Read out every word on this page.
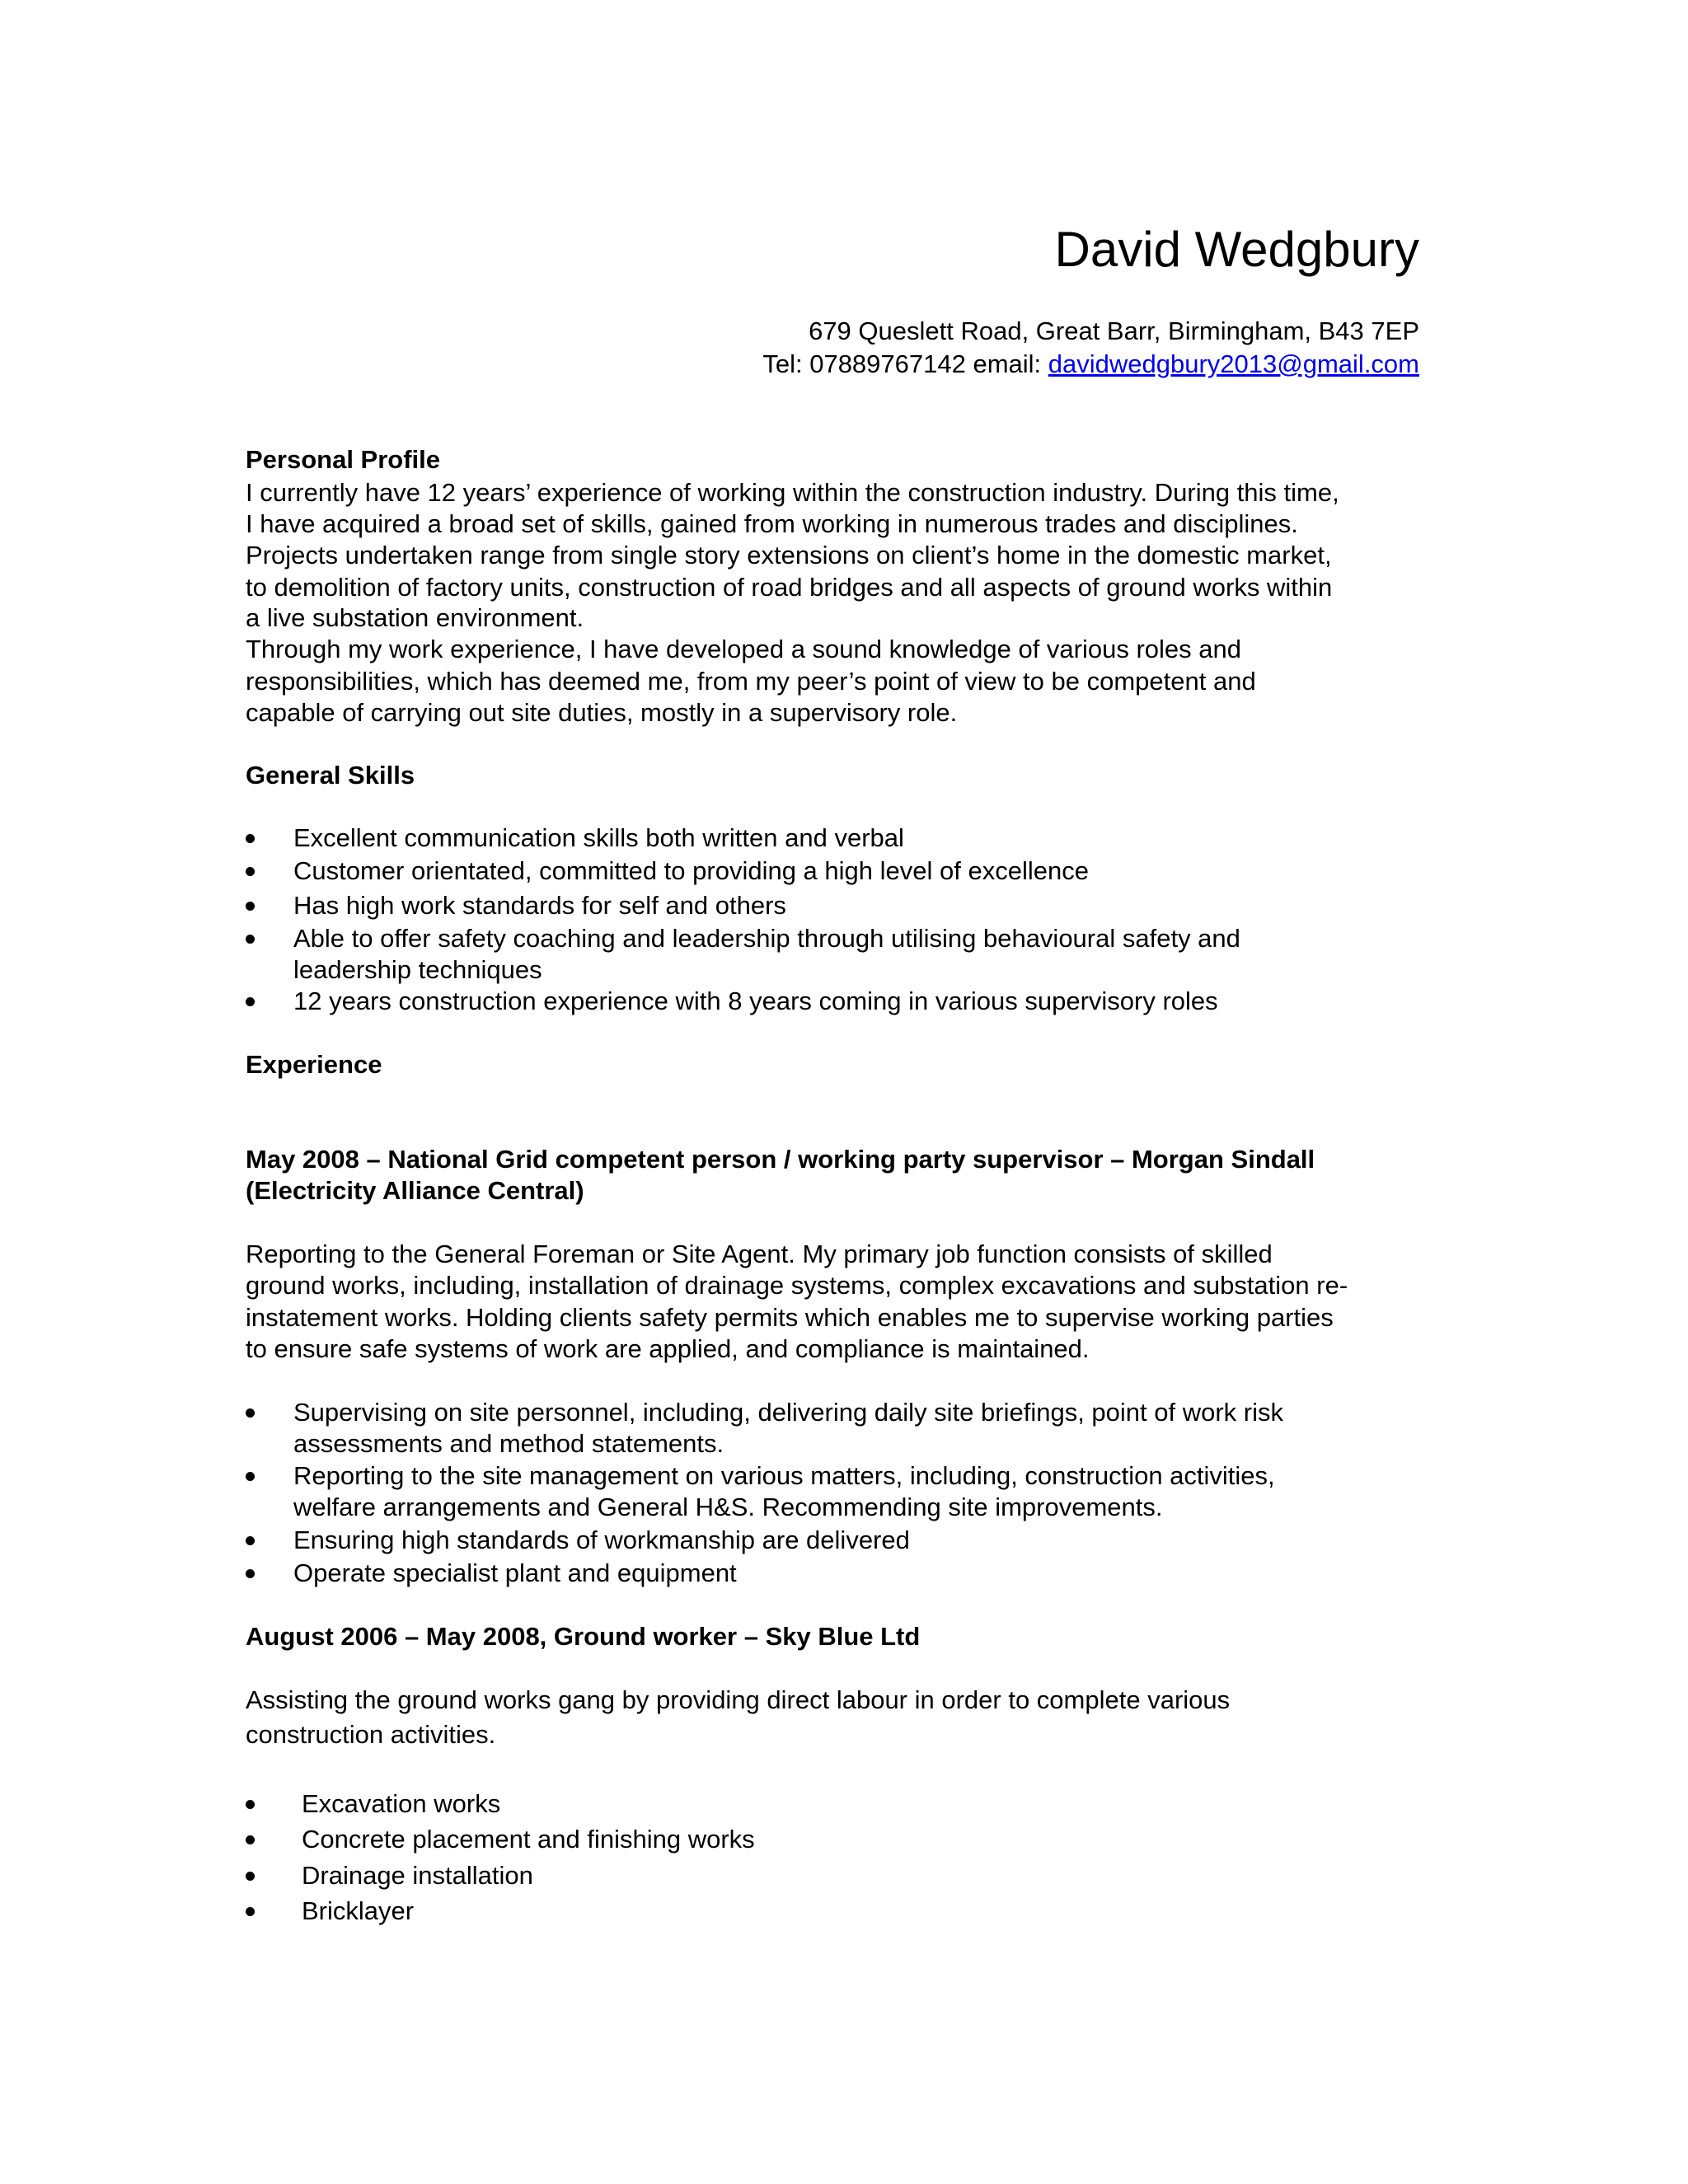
David Wedgbury
679 Queslett Road, Great Barr, Birmingham, B43 7EP
Tel: 07889767142 email: davidwedgbury2013@gmail.com
Personal Profile
I currently have 12 years’ experience of working within the construction industry. During this time,
I have acquired a broad set of skills, gained from working in numerous trades and disciplines.
Projects undertaken range from single story extensions on client’s home in the domestic market,
to demolition of factory units, construction of road bridges and all aspects of ground works within
a live substation environment.
Through my work experience, I have developed a sound knowledge of various roles and
responsibilities, which has deemed me, from my peer’s point of view to be competent and
capable of carrying out site duties, mostly in a supervisory role.
General Skills
Excellent communication skills both written and verbal
Customer orientated, committed to providing a high level of excellence
Has high work standards for self and others
Able to offer safety coaching and leadership through utilising behavioural safety and
leadership techniques
12 years construction experience with 8 years coming in various supervisory roles
Experience
May 2008 – National Grid competent person / working party supervisor – Morgan Sindall
(Electricity Alliance Central)
Reporting to the General Foreman or Site Agent. My primary job function consists of skilled
ground works, including, installation of drainage systems, complex excavations and substation re-
instatement works. Holding clients safety permits which enables me to supervise working parties
to ensure safe systems of work are applied, and compliance is maintained.
Supervising on site personnel, including, delivering daily site briefings, point of work risk
assessments and method statements.
Reporting to the site management on various matters, including, construction activities,
welfare arrangements and General H&S. Recommending site improvements.
Ensuring high standards of workmanship are delivered
Operate specialist plant and equipment
August 2006 – May 2008, Ground worker – Sky Blue Ltd
Assisting the ground works gang by providing direct labour in order to complete various
construction activities.
Excavation works
Concrete placement and finishing works
Drainage installation
Bricklayer
